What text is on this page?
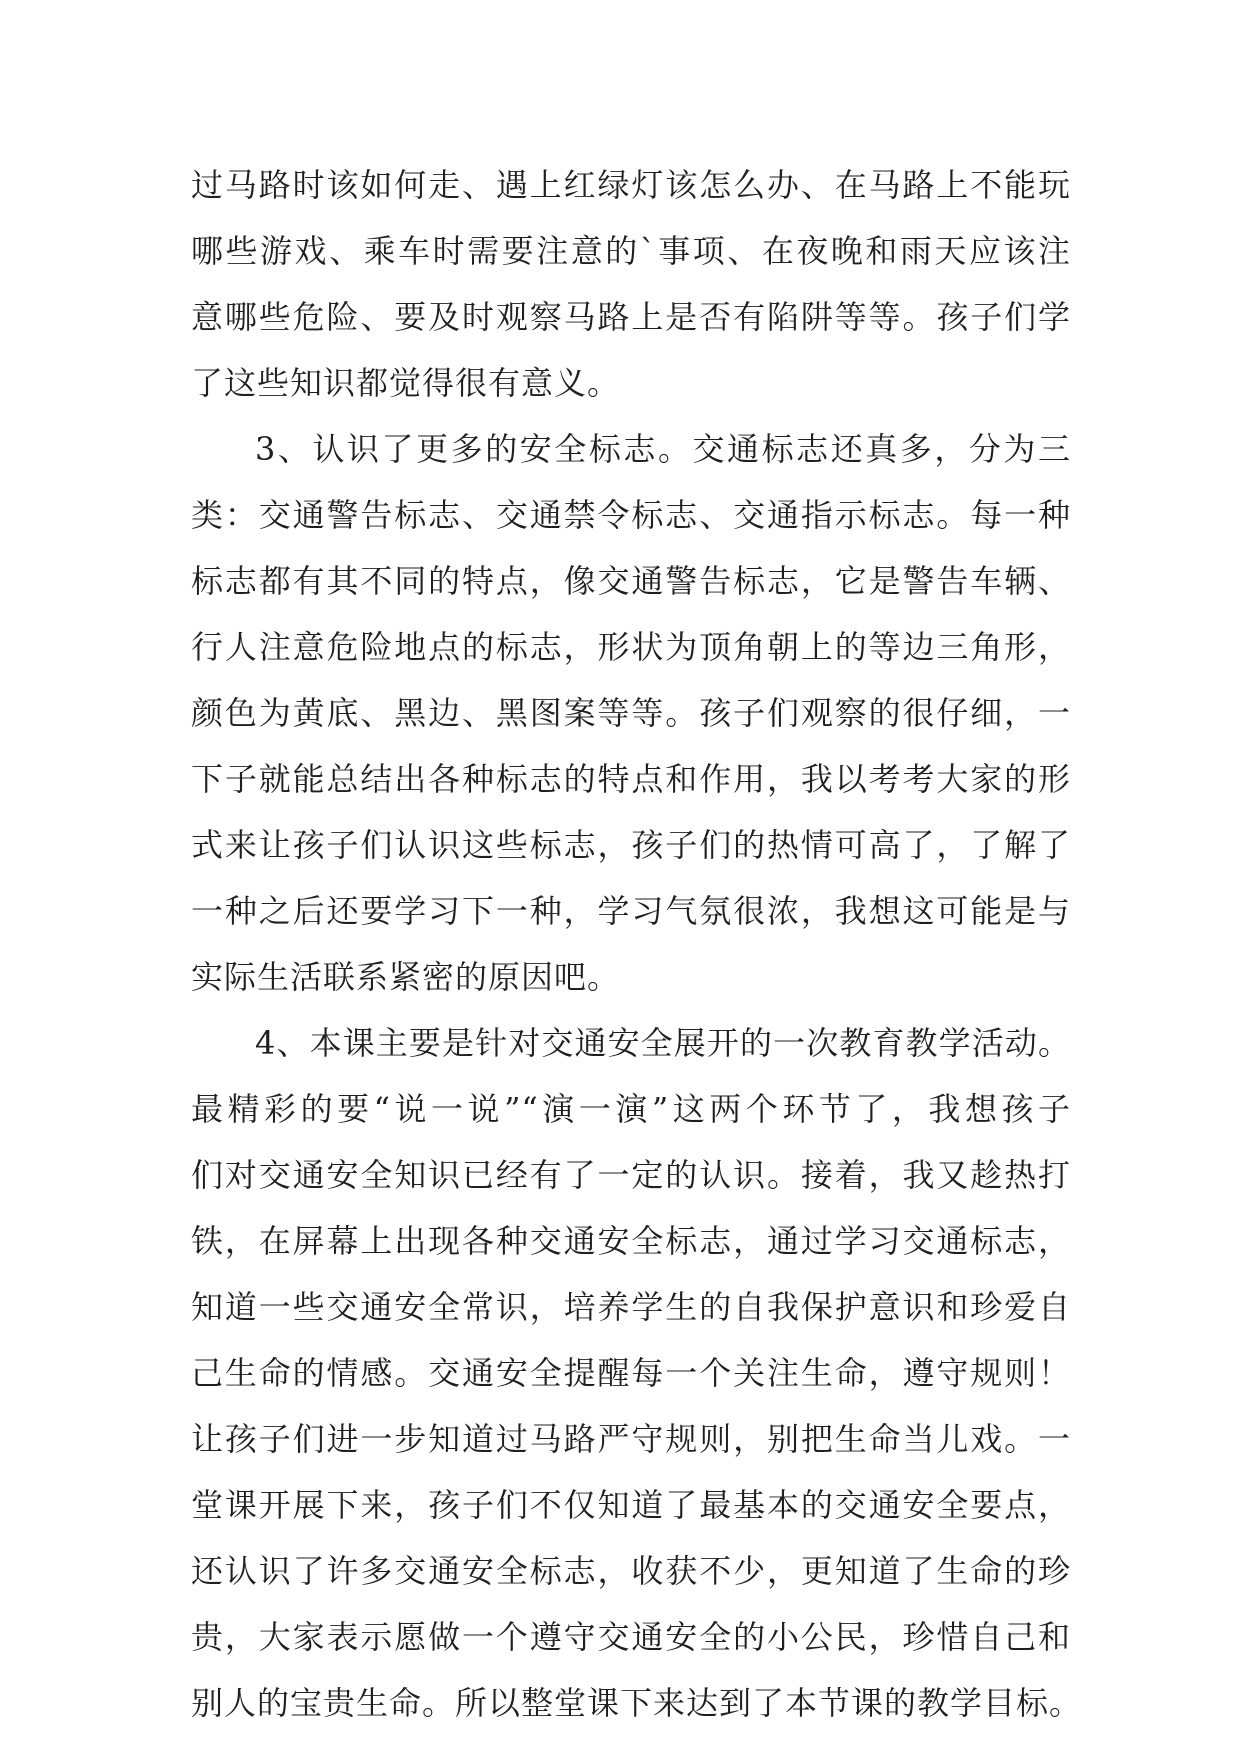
过马路时该如何走、遇上红绿灯该怎么办、在马路上不能玩
哪些游戏、乘车时需要注意的`事项、在夜晚和雨天应该注
意哪些危险、要及时观察马路上是否有陷阱等等。孩子们学
了这些知识都觉得很有意义。
3、认识了更多的安全标志。交通标志还真多，分为三
类：交通警告标志、交通禁令标志、交通指示标志。每一种
标志都有其不同的特点，像交通警告标志，它是警告车辆、
行人注意危险地点的标志，形状为顶角朝上的等边三角形，
颜色为黄底、黑边、黑图案等等。孩子们观察的很仔细，一
下子就能总结出各种标志的特点和作用，我以考考大家的形
式来让孩子们认识这些标志，孩子们的热情可高了，了解了
一种之后还要学习下一种，学习气氛很浓，我想这可能是与
实际生活联系紧密的原因吧。
4、本课主要是针对交通安全展开的一次教育教学活动。
最精彩的要“说一说”“演一演”这两个环节了，我想孩子
们对交通安全知识已经有了一定的认识。接着，我又趁热打
铁，在屏幕上出现各种交通安全标志，通过学习交通标志，
知道一些交通安全常识，培养学生的自我保护意识和珍爱自
己生命的情感。交通安全提醒每一个关注生命，遵守规则！
让孩子们进一步知道过马路严守规则，别把生命当儿戏。一
堂课开展下来，孩子们不仅知道了最基本的交通安全要点，
还认识了许多交通安全标志，收获不少，更知道了生命的珍
贵，大家表示愿做一个遵守交通安全的小公民，珍惜自己和
别人的宝贵生命。所以整堂课下来达到了本节课的教学目标。
